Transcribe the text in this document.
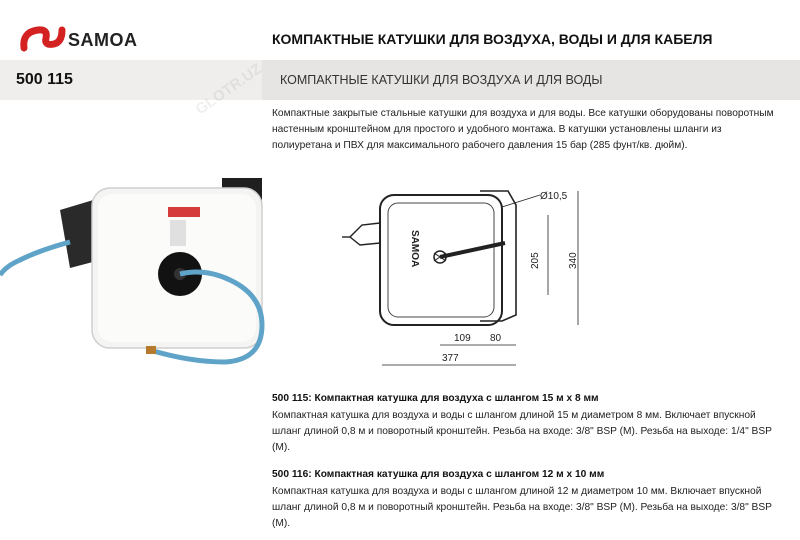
SAMOA	КОМПАКТНЫЕ КАТУШКИ ДЛЯ ВОЗДУХА, ВОДЫ И ДЛЯ КАБЕЛЯ
500 115	КОМПАКТНЫЕ КАТУШКИ ДЛЯ ВОЗДУХА И ДЛЯ ВОДЫ
Компактные закрытые стальные катушки для воздуха и для воды. Все катушки оборудованы поворотным настенным кронштейном для простого и удобного монтажа. В катушки установлены шланги из полиуретана и ПВХ для максимального рабочего давления 15 бар (285 фунт/кв. дюйм).
SAMOA
Ø10,5
205	340
109 80
377
500 115: Компактная катушка для воздуха с шлангом 15 м x 8 мм
Компактная катушка для воздуха и воды с шлангом длиной 15 м диаметром 8 мм. Включает впускной шланг длиной 0,8 м и поворотный кронштейн. Резьба на входе: 3/8" BSP (M). Резьба на выходе: 1/4" BSP (M).
500 116: Компактная катушка для воздуха с шлангом 12 м x 10 мм
Компактная катушка для воздуха и воды с шлангом длиной 12 м диаметром 10 мм. Включает впускной шланг длиной 0,8 м и поворотный кронштейн. Резьба на входе: 3/8" BSP (M). Резьба на выходе: 3/8" BSP (M).
